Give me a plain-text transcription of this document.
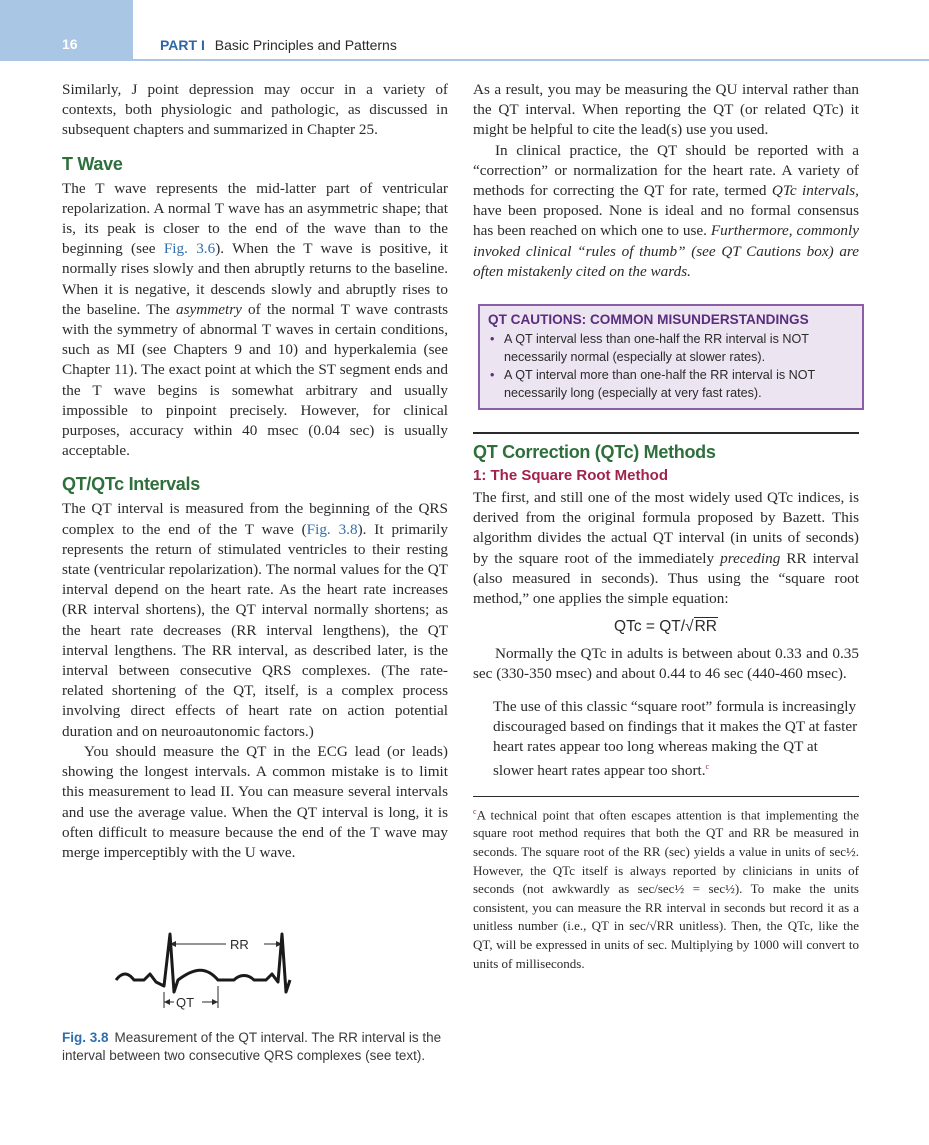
16	PART I Basic Principles and Patterns

Similarly, J point depression may occur in a variety of contexts, both physiologic and pathologic, as discussed in subsequent chapters and summarized in Chapter 25.

T Wave

The T wave represents the mid-latter part of ventricular repolarization. A normal T wave has an asymmetric shape; that is, its peak is closer to the end of the wave than to the beginning (see Fig. 3.6). When the T wave is positive, it normally rises slowly and then abruptly returns to the baseline. When it is negative, it descends slowly and abruptly rises to the baseline. The asymmetry of the normal T wave contrasts with the symmetry of abnormal T waves in certain conditions, such as MI (see Chapters 9 and 10) and hyperkalemia (see Chapter 11). The exact point at which the ST segment ends and the T wave begins is somewhat arbitrary and usually impossible to pinpoint precisely. However, for clinical purposes, accuracy within 40 msec (0.04 sec) is usually acceptable.

QT/QTc Intervals

The QT interval is measured from the beginning of the QRS complex to the end of the T wave (Fig. 3.8). It primarily represents the return of stimulated ventricles to their resting state (ventricular repolarization). The normal values for the QT interval depend on the heart rate. As the heart rate increases (RR interval shortens), the QT interval normally shortens; as the heart rate decreases (RR interval lengthens), the QT interval lengthens. The RR interval, as described later, is the interval between consecutive QRS complexes. (The rate-related shortening of the QT, itself, is a complex process involving direct effects of heart rate on action potential duration and on neuroautonomic factors.)

You should measure the QT in the ECG lead (or leads) showing the longest intervals. A common mistake is to limit this measurement to lead II. You can measure several intervals and use the average value. When the QT interval is long, it is often difficult to measure because the end of the T wave may merge imperceptibly with the U wave.

RR
QT
Fig. 3.8 Measurement of the QT interval. The RR interval is the interval between two consecutive QRS complexes (see text).

As a result, you may be measuring the QU interval rather than the QT interval. When reporting the QT (or related QTc) it might be helpful to cite the lead(s) use you used.

In clinical practice, the QT should be reported with a “correction” or normalization for the heart rate. A variety of methods for correcting the QT for rate, termed QTc intervals, have been proposed. None is ideal and no formal consensus has been reached on which one to use. Furthermore, commonly invoked clinical “rules of thumb” (see QT Cautions box) are often mistakenly cited on the wards.

QT CAUTIONS: COMMON MISUNDERSTANDINGS
• A QT interval less than one-half the RR interval is NOT necessarily normal (especially at slower rates).
• A QT interval more than one-half the RR interval is NOT necessarily long (especially at very fast rates).
QT Correction (QTc) Methods
1: The Square Root Method

The first, and still one of the most widely used QTc indices, is derived from the original formula proposed by Bazett. This algorithm divides the actual QT interval (in units of seconds) by the square root of the immediately preceding RR interval (also measured in seconds). Thus using the “square root method,” one applies the simple equation:

QTc = QT/√RR

Normally the QTc in adults is between about 0.33 and 0.35 sec (330-350 msec) and about 0.44 to 46 sec (440-460 msec).

The use of this classic “square root” formula is increasingly discouraged based on findings that it makes the QT at faster heart rates appear too long whereas making the QT at slower heart rates appear too short.$^c$

$^c$A technical point that often escapes attention is that implementing the square root method requires that both the QT and RR be measured in seconds. The square root of the RR (sec) yields a value in units of sec½. However, the QTc itself is always reported by clinicians in units of seconds (not awkwardly as sec/sec½ = sec½). To make the units consistent, you can measure the RR interval in seconds but record it as a unitless number (i.e., QT in sec/√RR unitless). Then, the QTc, like the QT, will be expressed in units of sec. Multiplying by 1000 will convert to units of milliseconds.
